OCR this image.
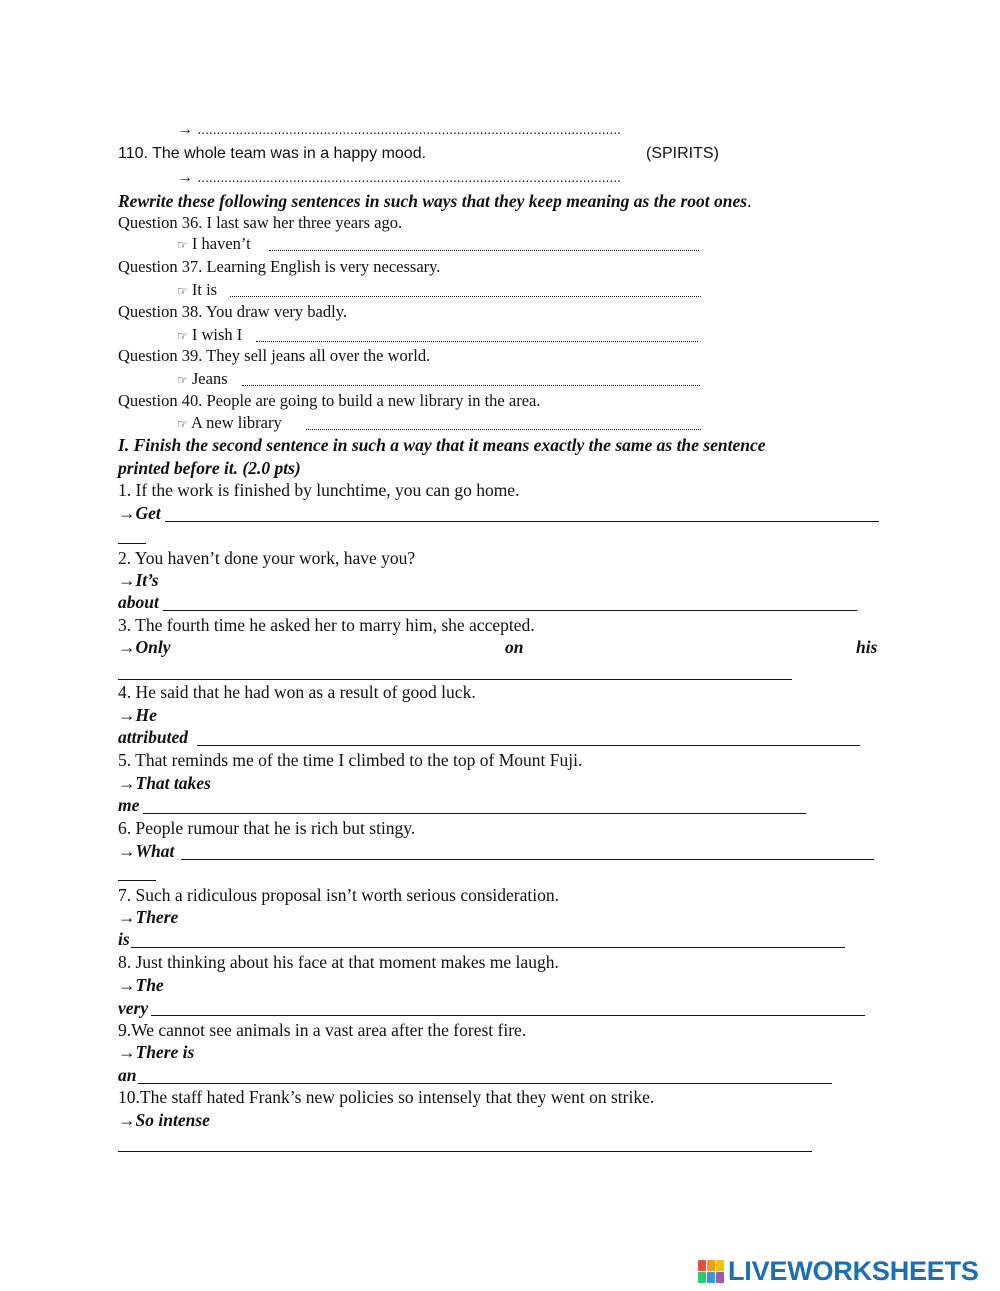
→ ...............................................................................................................
110. The whole team was in a happy mood.	(SPIRITS)
→ ...............................................................................................................
Rewrite these following sentences in such ways that they keep meaning as the root ones.
Question 36. I last saw her three years ago.
☞ I haven’t
Question 37. Learning English is very necessary.
☞ It is
Question 38. You draw very badly.
☞ I wish I
Question 39. They sell jeans all over the world.
☞ Jeans
Question 40. People are going to build a new library in the area.
☞ A new library
I. Finish the second sentence in such a way that it means exactly the same as the sentence
printed before it. (2.0 pts)
1. If the work is finished by lunchtime, you can go home.
→Get
2. You haven’t done your work, have you?
→It’s
about
3. The fourth time he asked her to marry him, she accepted.
→Only	on	his
4. He said that he had won as a result of good luck.
→He
attributed
5. That reminds me of the time I climbed to the top of Mount Fuji.
→That takes
me
6. People rumour that he is rich but stingy.
→What
7. Such a ridiculous proposal isn’t worth serious consideration.
→There
is
8. Just thinking about his face at that moment makes me laugh.
→The
very
9.We cannot see animals in a vast area after the forest fire.
→There is
an
10.The staff hated Frank’s new policies so intensely that they went on strike.
→So intense
LIVEWORKSHEETS
